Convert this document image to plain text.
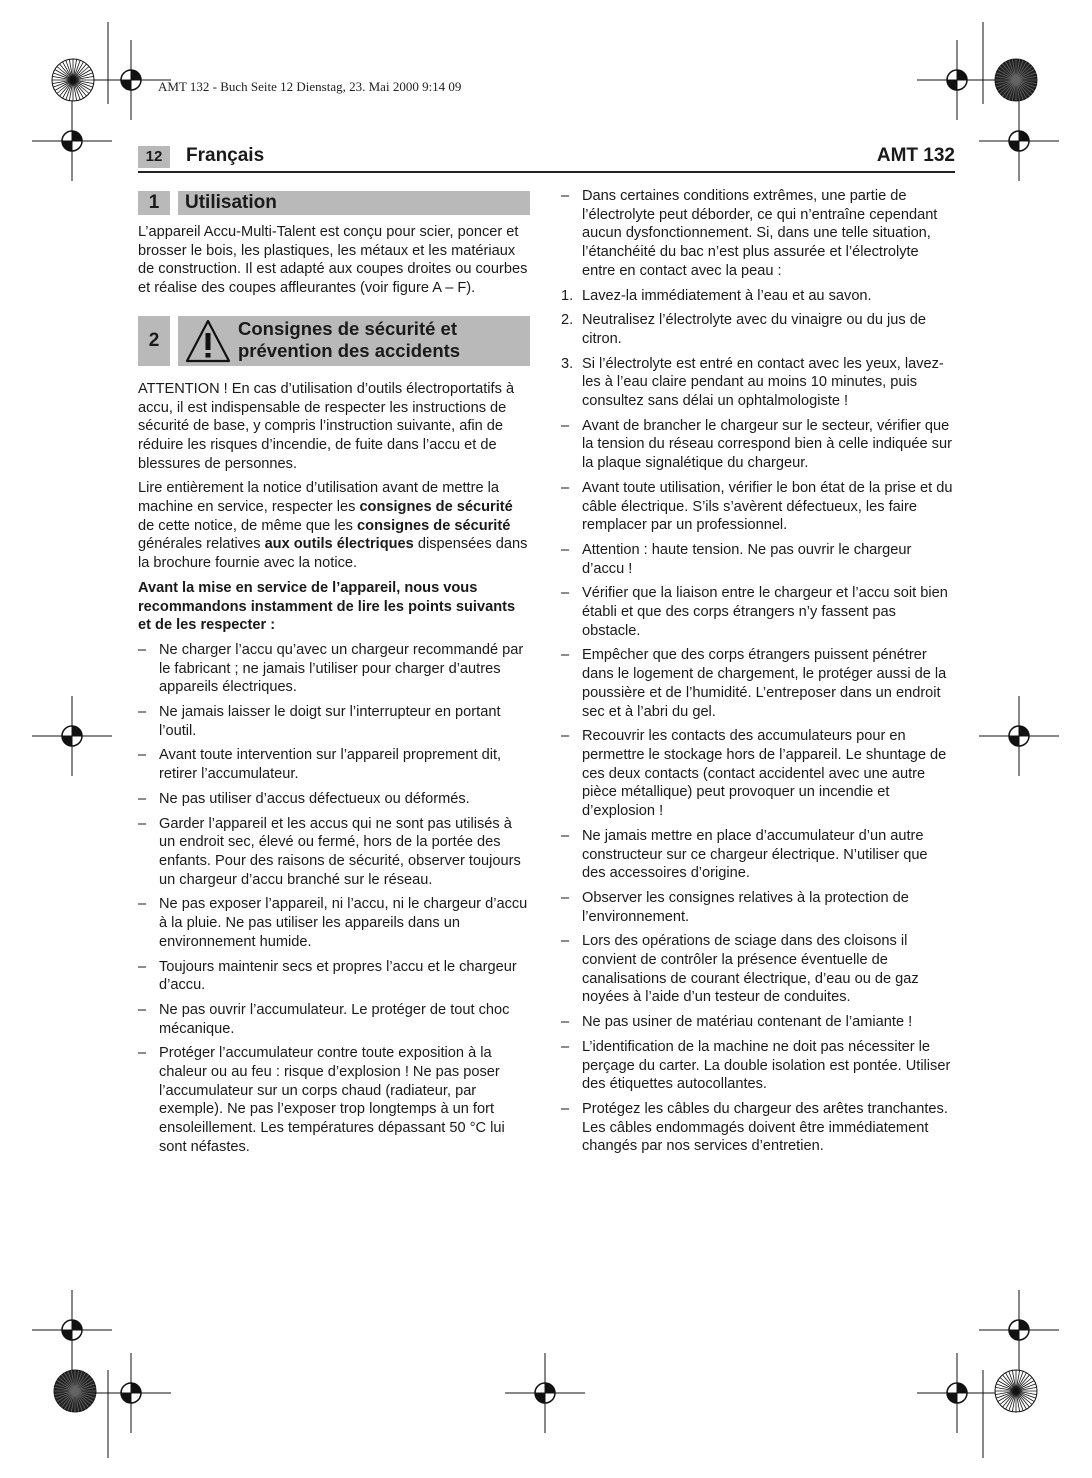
AMT 132 - Buch Seite 12 Dienstag, 23. Mai 2000 9:14 09
12	Français	AMT 132
1	Utilisation

L’appareil Accu-Multi-Talent est conçu pour scier, poncer et brosser le bois, les plastiques, les métaux et les matériaux de construction. Il est adapté aux coupes droites ou courbes et réalise des coupes affleurantes (voir figure A – F).

2
Consignes de sécurité et
prévention des accidents

ATTENTION ! En cas d’utilisation d’outils électroportatifs à accu, il est indispensable de respecter les instructions de sécurité de base, y compris l’instruction suivante, afin de réduire les risques d’incendie, de fuite dans l’accu et de blessures de personnes.

Lire entièrement la notice d’utilisation avant de mettre la machine en service, respecter les consignes de sécurité de cette notice, de même que les consignes de sécurité générales relatives aux outils électriques dispensées dans la brochure fournie avec la notice.

Avant la mise en service de l’appareil, nous vous recommandons instamment de lire les points suivants et de les respecter :

– Ne charger l’accu qu’avec un chargeur recommandé par le fabricant ; ne jamais l’utiliser pour charger d’autres appareils électriques.
– Ne jamais laisser le doigt sur l’interrupteur en portant l’outil.
– Avant toute intervention sur l’appareil proprement dit, retirer l’accumulateur.
– Ne pas utiliser d’accus défectueux ou déformés.
– Garder l’appareil et les accus qui ne sont pas utilisés à un endroit sec, élevé ou fermé, hors de la portée des enfants. Pour des raisons de sécurité, observer toujours un chargeur d’accu branché sur le réseau.
– Ne pas exposer l’appareil, ni l’accu, ni le chargeur d’accu à la pluie. Ne pas utiliser les appareils dans un environnement humide.
– Toujours maintenir secs et propres l’accu et le chargeur d’accu.
– Ne pas ouvrir l’accumulateur. Le protéger de tout choc mécanique.
– Protéger l’accumulateur contre toute exposition à la chaleur ou au feu : risque d’explosion ! Ne pas poser l’accumulateur sur un corps chaud (radiateur, par exemple). Ne pas l’exposer trop longtemps à un fort ensoleillement. Les températures dépassant 50 °C lui sont néfastes.
– Dans certaines conditions extrêmes, une partie de l’électrolyte peut déborder, ce qui n’entraîne cependant aucun dysfonctionnement. Si, dans une telle situation, l’étanchéité du bac n’est plus assurée et l’électrolyte entre en contact avec la peau :
1. Lavez-la immédiatement à l’eau et au savon.
2. Neutralisez l’électrolyte avec du vinaigre ou du jus de citron.
3. Si l’électrolyte est entré en contact avec les yeux, lavez-les à l’eau claire pendant au moins 10 minutes, puis consultez sans délai un ophtalmologiste !
– Avant de brancher le chargeur sur le secteur, vérifier que la tension du réseau correspond bien à celle indiquée sur la plaque signalétique du chargeur.
– Avant toute utilisation, vérifier le bon état de la prise et du câble électrique. S’ils s’avèrent défectueux, les faire remplacer par un professionnel.
– Attention : haute tension. Ne pas ouvrir le chargeur d’accu !
– Vérifier que la liaison entre le chargeur et l’accu soit bien établi et que des corps étrangers n’y fassent pas obstacle.
– Empêcher que des corps étrangers puissent pénétrer dans le logement de chargement, le protéger aussi de la poussière et de l’humidité. L’entreposer dans un endroit sec et à l’abri du gel.
– Recouvrir les contacts des accumulateurs pour en permettre le stockage hors de l’appareil. Le shuntage de ces deux contacts (contact accidentel avec une autre pièce métallique) peut provoquer un incendie et d’explosion !
– Ne jamais mettre en place d’accumulateur d’un autre constructeur sur ce chargeur électrique. N’utiliser que des accessoires d’origine.
– Observer les consignes relatives à la protection de l’environnement.
– Lors des opérations de sciage dans des cloisons il convient de contrôler la présence éventuelle de canalisations de courant électrique, d’eau ou de gaz noyées à l’aide d’un testeur de conduites.
– Ne pas usiner de matériau contenant de l’amiante !
– L’identification de la machine ne doit pas nécessiter le perçage du carter. La double isolation est pontée. Utiliser des étiquettes autocollantes.
– Protégez les câbles du chargeur des arêtes tranchantes. Les câbles endommagés doivent être immédiatement changés par nos services d’entretien.
